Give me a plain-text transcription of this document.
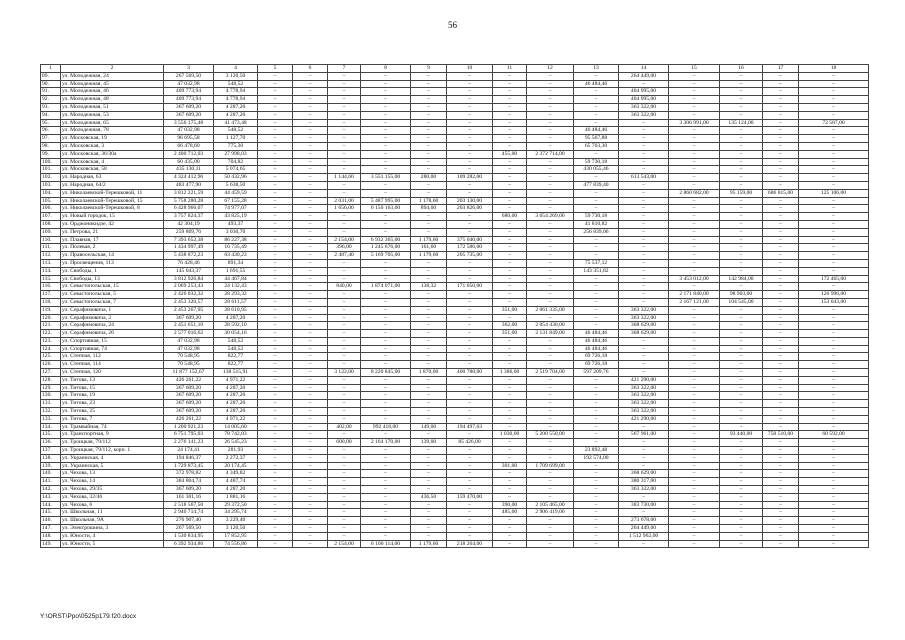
56
1	2	3	4	5	6	7	8	9	10	11	12	13	14	15	16	17	18
89.	ул. Молодежная, 24	267 569,50	3 120,50	–	–	–	–	–	–	–	–	–	264 449,00	–	–	–	–
90.	ул. Молодежная, 45	47 032,98	548,52	–	–	–	–	–	–	–	–	46 484,46	–	–	–	–	–
91.	ул. Молодежная, 46	409 773,94	4 778,94	–	–	–	–	–	–	–	–	–	404 995,00	–	–	–	–
92.	ул. Молодежная, 48	409 773,94	4 778,94	–	–	–	–	–	–	–	–	–	404 995,00	–	–	–	–
93.	ул. Молодежная, 51	367 609,20	4 287,20	–	–	–	–	–	–	–	–	–	363 322,00	–	–	–	–
94.	ул. Молодежная, 53	367 609,20	4 287,20	–	–	–	–	–	–	–	–	–	363 322,00	–	–	–	–
95.	ул. Молодежная, 65	3 556 175,48	41 473,48	–	–	–	–	–	–	–	–	–	–	3 306 991,00	135 124,00	–	72 587,00
96.	ул. Молодежная, 78	47 032,98	548,52	–	–	–	–	–	–	–	–	46 484,46	–	–	–	–	–
97.	ул. Московская, 19	96 695,58	1 127,70	–	–	–	–	–	–	–	–	95 567,88	–	–	–	–	–
98.	ул. Московская, 3	66 478,60	775,30	–	–	–	–	–	–	–	–	65 703,30	–	–	–	–	–
99.	ул. Московская, 36/30а	2 400 712,03	27 998,03	–	–	–	–	–	–	455,00	2 372 714,00	–	–	–	–	–	–
100.	ул. Московская, 4	60 435,00	704,82	–	–	–	–	–	–	–	–	59 730,18	–	–	–	–	–
101.	ул. Московская, 58	435 130,11	5 074,65	–	–	–	–	–	–	–	–	430 055,46	–	–	–	–	–
102.	ул. Народная, 63	4 324 412,96	50 432,96	–	–	1 144,60	3 551 155,00	280,00	109 282,00	–	–	–	613 543,00	–	–	–	–
103.	ул. Народная, 64/2	483 477,90	5 638,50	–	–	–	–	–	–	–	–	477 839,40	–	–	–	–	–
104.	ул. Николаевской-Терешковой, 11	3 812 221,59	44 459,59	–	–	–	–	–	–	–	–	–	–	2 860 682,00	95 159,00	686 815,00	125 106,00
105.	ул. Николаевской-Терешковой, 15	5 758 280,28	67 155,28	–	–	2 031,00	5 487 995,00	1 178,60	203 130,00	–	–	–	–	–	–	–	–
106.	ул. Николаевской-Терешковой, 8	6 428 966,07	74 977,07	–	–	1 656,00	6 150 163,00	894,00	203 826,00	–	–	–	–	–	–	–	–
107.	ул. Новый городок, 15	3 757 824,37	43 825,19	–	–	–	–	–	–	680,00	3 654 269,00	59 730,18	–	–	–	–	–
108.	ул. Орджоникидзе, 42	42 304,19	493,37	–	–	–	–	–	–	–	–	41 810,82	–	–	–	–	–
109.	ул. Петрова, 21	259 869,76	3 030,70	–	–	–	–	–	–	–	–	256 839,06	–	–	–	–	–
110.	ул. Плавная, 17	7 393 652,38	86 227,38	–	–	2 154,00	6 932 365,00	1 179,60	375 040,00	–	–	–	–	–	–	–	–
111.	ул. Полевая, 2	1 434 997,49	16 735,49	–	–	396,00	1 245 676,00	161,60	172 586,00	–	–	–	–	–	–	–	–
112.	ул. Правосельская, 14	5 438 872,23	63 430,23	–	–	2 487,40	5 169 705,00	1 179,60	205 735,00	–	–	–	–	–	–	–	–
113.	ул. Просвещения, 113	76 428,46	891,34	–	–	–	–	–	–	–	–	75 537,12	–	–	–	–	–
114.	ул. Свободы, 1	145 043,37	1 691,55	–	–	–	–	–	–	–	–	143 351,82	–	–	–	–	–
115.	ул. Свободы, 13	3 812 926,84	44 467,84	–	–	–	–	–	–	–	–	–	–	3 453 012,00	142 984,00	–	172 465,00
116.	ул. Севастопольская, 15	2 069 253,43	24 132,43	–	–	840,00	1 874 071,00	138,32	171 050,00	–	–	–	–	–	–	–	–
117.	ул. Севастопольская, 5	2 426 032,32	28 293,32	–	–	–	–	–	–	–	–	–	–	2 171 840,00	98 903,00	–	126 996,00
118.	ул. Севастопольская, 7	2 453 320,57	28 611,57	–	–	–	–	–	–	–	–	–	–	2 167 121,00	104 545,00	–	153 043,00
119.	ул. Серафимовича, 1	2 453 267,95	28 610,95	–	–	–	–	–	–	351,00	2 061 335,00	–	363 322,00	–	–	–	–
120.	ул. Серафимовича, 2	367 609,20	4 287,20	–	–	–	–	–	–	–	–	–	363 322,00	–	–	–	–
121.	ул. Серафимовича, 24	2 451 651,10	28 592,10	–	–	–	–	–	–	362,00	2 054 430,00	–	368 629,00	–	–	–	–
122.	ул. Серафимовича, 26	2 577 016,62	30 054,16	–	–	–	–	–	–	351,00	2 131 849,00	46 484,46	368 629,00	–	–	–	–
123.	ул. Спортивная, 15	47 032,98	548,52	–	–	–	–	–	–	–	–	46 484,46	–	–	–	–	–
124.	ул. Спортивная, 74	47 032,98	548,52	–	–	–	–	–	–	–	–	46 484,46	–	–	–	–	–
125.	ул. Степная, 112	70 548,95	822,77	–	–	–	–	–	–	–	–	69 726,18	–	–	–	–	–
126.	ул. Степная, 114	70 548,95	822,77	–	–	–	–	–	–	–	–	69 726,18	–	–	–	–	–
127.	ул. Степная, 120	11 877 152,67	138 515,91	–	–	3 122,00	8 220 845,00	1 870,00	400 788,00	1 386,00	2 519 704,00	597 209,76	–	–	–	–	–
128.	ул. Титова, 13	426 261,22	4 971,22	–	–	–	–	–	–	–	–	–	421 290,00	–	–	–	–
129.	ул. Титова, 15	367 609,20	4 287,20	–	–	–	–	–	–	–	–	–	363 322,00	–	–	–	–
130.	ул. Титова, 19	367 609,20	4 287,20	–	–	–	–	–	–	–	–	–	363 322,00	–	–	–	–
131.	ул. Титова, 23	367 609,20	4 287,20	–	–	–	–	–	–	–	–	–	363 322,00	–	–	–	–
132.	ул. Титова, 25	367 609,20	4 287,20	–	–	–	–	–	–	–	–	–	363 322,00	–	–	–	–
133.	ул. Титова, 7	426 261,22	4 971,22	–	–	–	–	–	–	–	–	–	421 290,00	–	–	–	–
134.	ул. Трамвайная, 74	1 200 921,23	14 005,60	–	–	402,00	992 418,00	149,00	194 497,63	–	–	–	–	–	–	–	–
135.	ул. Транспортная, 9	6 751 795,03	78 742,03	–	–	–	–	–	–	1 030,00	5 200 550,00	–	567 961,00	–	93 440,00	750 510,00	60 592,00
136.	ул. Троицкая, 79/112	2 276 141,23	26 545,23	–	–	600,00	2 164 170,00	139,00	85 426,00	–	–	–	–	–	–	–	–
137.	ул. Троицкая, 79/112, корп. 1	24 174,41	281,93	–	–	–	–	–	–	–	–	23 892,48	–	–	–	–	–
138.	ул. Украинская, 4	194 846,37	2 272,37	–	–	–	–	–	–	–	–	192 574,00	–	–	–	–	–
139.	ул. Украинская, 5	1 729 873,45	20 174,45	–	–	–	–	–	–	301,00	1 709 699,00	–	–	–	–	–	–
140.	ул. Чехова, 13	372 978,82	4 349,82	–	–	–	–	–	–	–	–	–	368 629,00	–	–	–	–
141.	ул. Чехова, 14	384 804,74	4 487,74	–	–	–	–	–	–	–	–	–	380 317,00	–	–	–	–
142.	ул. Чехова, 29/35	367 609,20	4 287,20	–	–	–	–	–	–	–	–	–	363 322,00	–	–	–	–
143.	ул. Чехова, 32/46	161 301,16	1 881,16	–	–	–	–	436,50	159 470,00	–	–	–	–	–	–	–	–
144.	ул. Чехова, 6	2 518 567,50	29 372,50	–	–	–	–	–	–	390,00	2 105 465,00	–	383 730,00	–	–	–	–
145.	ул. Школьная, 11	2 940 714,74	34 295,74	–	–	–	–	–	–	485,00	2 906 419,00	–	–	–	–	–	–
146.	ул. Школьная, 9А	276 907,40	3 229,40	–	–	–	–	–	–	–	–	–	273 678,00	–	–	–	–
147.	ул. Электрошина, 3	267 569,50	3 120,50	–	–	–	–	–	–	–	–	–	264 449,00	–	–	–	–
148.	ул. Юности, 4	1 530 834,95	17 852,95	–	–	–	–	–	–	–	–	–	1 512 962,00	–	–	–	–
149.	ул. Юности, 5	6 392 934,86	74 556,86	–	–	2 154,00	6 100 114,00	1 179,60	218 264,00	–	–	–	–	–	–	–	–
Y:\ORST\Ppo\0525p179.f20.docx
